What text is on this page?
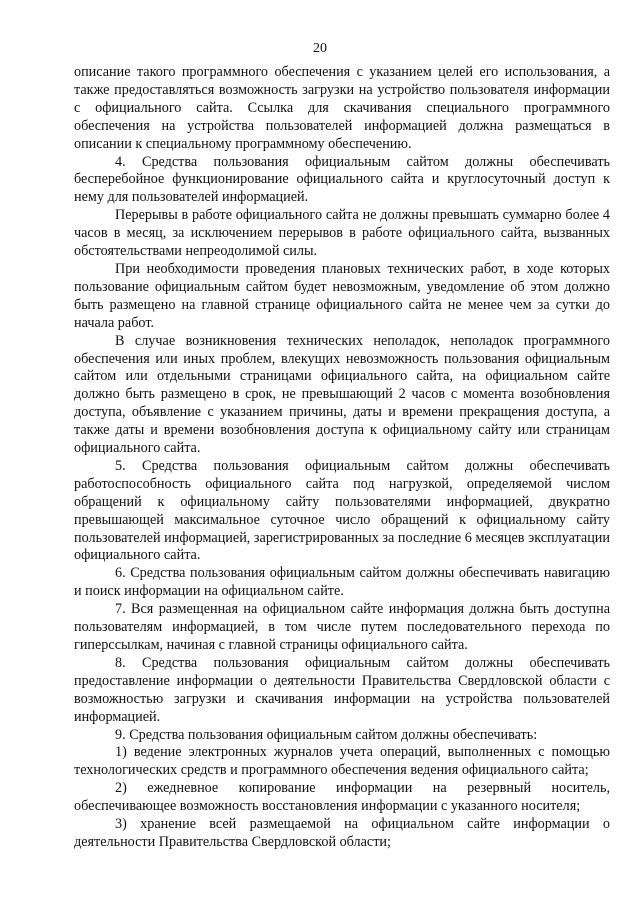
20

описание такого программного обеспечения с указанием целей его использования, а также предоставляться возможность загрузки на устройство пользователя информации с официального сайта. Ссылка для скачивания специального программного обеспечения на устройства пользователей информацией должна размещаться в описании к специальному программному обеспечению.

4. Средства пользования официальным сайтом должны обеспечивать бесперебойное функционирование официального сайта и круглосуточный доступ к нему для пользователей информацией.

Перерывы в работе официального сайта не должны превышать суммарно более 4 часов в месяц, за исключением перерывов в работе официального сайта, вызванных обстоятельствами непреодолимой силы.

При необходимости проведения плановых технических работ, в ходе которых пользование официальным сайтом будет невозможным, уведомление об этом должно быть размещено на главной странице официального сайта не менее чем за сутки до начала работ.

В случае возникновения технических неполадок, неполадок программного обеспечения или иных проблем, влекущих невозможность пользования официальным сайтом или отдельными страницами официального сайта, на официальном сайте должно быть размещено в срок, не превышающий 2 часов с момента возобновления доступа, объявление с указанием причины, даты и времени прекращения доступа, а также даты и времени возобновления доступа к официальному сайту или страницам официального сайта.

5. Средства пользования официальным сайтом должны обеспечивать работоспособность официального сайта под нагрузкой, определяемой числом обращений к официальному сайту пользователями информацией, двукратно превышающей максимальное суточное число обращений к официальному сайту пользователей информацией, зарегистрированных за последние 6 месяцев эксплуатации официального сайта.

6. Средства пользования официальным сайтом должны обеспечивать навигацию и поиск информации на официальном сайте.

7. Вся размещенная на официальном сайте информация должна быть доступна пользователям информацией, в том числе путем последовательного перехода по гиперссылкам, начиная с главной страницы официального сайта.

8. Средства пользования официальным сайтом должны обеспечивать предоставление информации о деятельности Правительства Свердловской области с возможностью загрузки и скачивания информации на устройства пользователей информацией.

9. Средства пользования официальным сайтом должны обеспечивать:

1) ведение электронных журналов учета операций, выполненных с помощью технологических средств и программного обеспечения ведения официального сайта;

2) ежедневное копирование информации на резервный носитель, обеспечивающее возможность восстановления информации с указанного носителя;

3) хранение всей размещаемой на официальном сайте информации о деятельности Правительства Свердловской области;
